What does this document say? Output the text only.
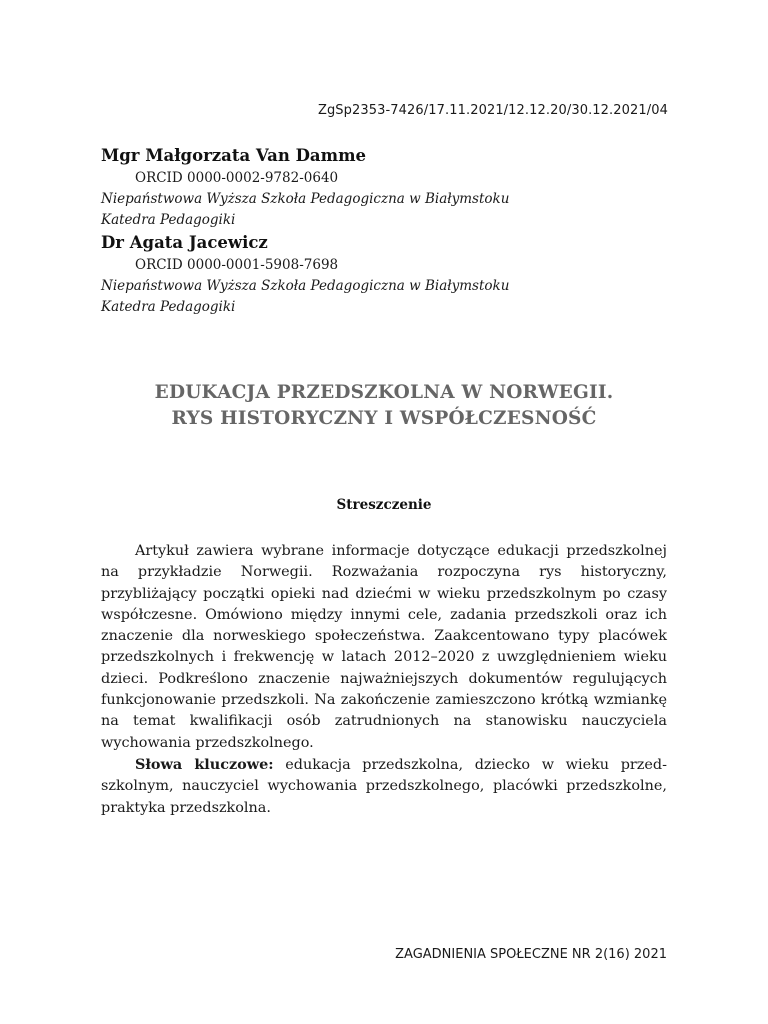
ZgSp2353-7426/17.11.2021/12.12.20/30.12.2021/04
Mgr Małgorzata Van Damme
ORCID 0000-0002-9782-0640
Niepaństwowa Wyższa Szkoła Pedagogiczna w Białymstoku
Katedra Pedagogiki
Dr Agata Jacewicz
ORCID 0000-0001-5908-7698
Niepaństwowa Wyższa Szkoła Pedagogiczna w Białymstoku
Katedra Pedagogiki
EDUKACJA PRZEDSZKOLNA W NORWEGII.
RYS HISTORYCZNY I WSPÓŁCZESNOŚĆ
Streszczenie

Artykuł zawiera wybrane informacje dotyczące edukacji przedszkolnej na przykładzie Norwegii. Rozważania rozpoczyna rys historyczny, przybliżający początki opieki nad dziećmi w wieku przedszkolnym po czasy współczesne. Omówiono między innymi cele, zadania przedszkoli oraz ich znaczenie dla norweskiego społeczeństwa. Zaakcentowano typy placówek przedszkolnych i frekwencję w latach 2012–2020 z uwzględnieniem wieku dzieci. Podkreślono znaczenie najważniejszych dokumentów regulujących funkcjonowanie przedszkoli. Na zakończenie zamieszczono krótką wzmiankę na temat kwalifikacji osób zatrudnionych na stanowisku nauczyciela wychowania przedszkolnego.

Słowa kluczowe: edukacja przedszkolna, dziecko w wieku przedszkolnym, nauczyciel wychowania przedszkolnego, placówki przedszkolne, praktyka przedszkolna.

ZAGADNIENIA SPOŁECZNE NR 2(16) 2021
